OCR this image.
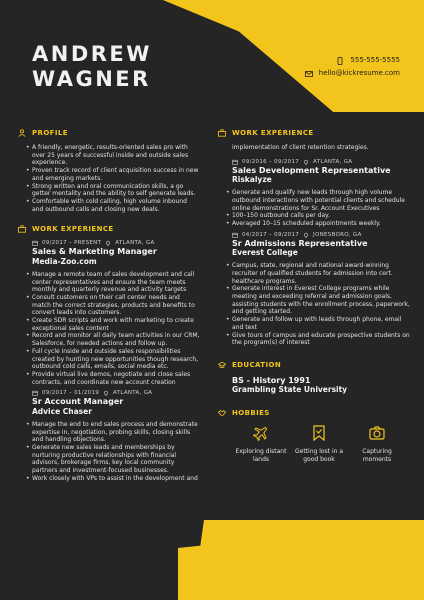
ANDREW
WAGNER
555-555-5555
hello@kickresume.com
PROFILE
• A friendly, energetic, results-oriented sales pro with over 25 years of successful inside and outside sales experience.
• Proven track record of client acquisition success in new and emerging markets.
• Strong written and oral communication skills, a go getter mentality and the ability to self generate leads.
• Comfortable with cold calling, high volume inbound and outbound calls and closing new deals.
WORK EXPERIENCE
09/2017 – PRESENT	ATLANTA, GA
Sales & Marketing Manager
Media-Zoo.com
• Manage a remote team of sales development and call center representatives and ensure the team meets monthly and quarterly revenue and activity targets
• Consult customers on their call center needs and match the correct strategies, products and benefits to convert leads into customers.
• Create SDR scripts and work with marketing to create exceptional sales content
• Record and monitor all daily team activities in our CRM, Salesforce, for needed actions and follow up.
• Full cycle inside and outside sales responsibilities created by hunting new opportunities though research, outbound cold calls, emails, social media etc.
• Provide virtual live demos, negotiate and close sales contracts, and coordinate new account creation
09/2017 – 01/2019	ATLANTA, GA
Sr Account Manager
Advice Chaser
• Manage the end to end sales process and demonstrate expertise in, negotiation, probing skills, closing skills and handling objections.
• Generate new sales leads and memberships by nurturing productive relationships with financial advisors, brokerage firms, key local community partners and investment-focused businesses.
• Work closely with VPs to assist in the development and
WORK EXPERIENCE
implementation of client retention strategies.
09/2016 – 09/2017	ATLANTA, GA
Sales Development Representative
Riskalyze
• Generate and qualify new leads through high volume outbound interactions with potential clients and schedule online demonstrations for Sr. Account Executives
• 100–150 outbound calls per day.
• Averaged 10–15 scheduled appointments weekly.
04/2017 – 09/2017	JONESBORO, GA
Sr Admissions Representative
Everest College
• Campus, state, regional and national award-winning recruiter of qualified students for admission into cert. healthcare programs.
• Generate interest in Everest College programs while meeting and exceeding referral and admission goals, assisting students with the enrollment process, paperwork, and getting started.
• Generate and follow up with leads through phone, email and text
• Give tours of campus and educate prospective students on the program(s) of interest
EDUCATION
BS - History 1991
Grambling State University
HOBBIES
Exploring distant lands
Getting lost in a good book
Capturing moments
